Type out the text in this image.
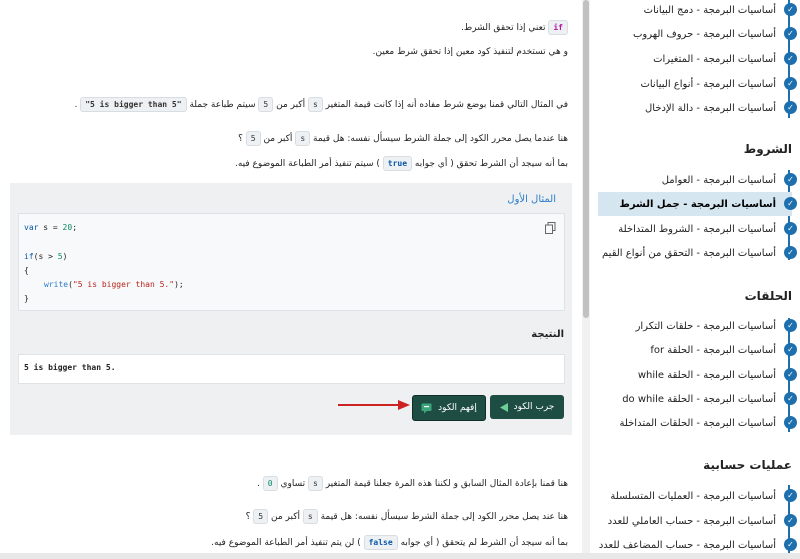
if تعني إذا تحقق الشرط.
و هي تستخدم لتنفيذ كود معين إذا تحقق شرط معين.
في المثال التالي قمنا بوضع شرط مفاده أنه إذا كانت قيمة المتغير s أكبر من 5 سيتم طباعة جملة "5 is bigger than 5" .
هنا عندما يصل محرر الكود إلى جملة الشرط سيسأل نفسه: هل قيمة s أكبر من 5 ؟
بما أنه سيجد أن الشرط تحقق ( أي جوابه true ) سيتم تنفيذ أمر الطباعة الموضوع فيه.
المثال الأول
var s = 20;
if(s > 5)
{
write("5 is bigger than 5.");
}
النتيجة
5 is bigger than 5.
جرب الكود
إفهم الكود
هنا قمنا بإعادة المثال السابق و لكننا هذه المرة جعلنا قيمة المتغير s تساوي 0 .
هنا عند يصل محرر الكود إلى جملة الشرط سيسأل نفسه: هل قيمة s أكبر من 5 ؟
بما أنه سيجد أن الشرط لم يتحقق ( أي جوابه false ) لن يتم تنفيذ أمر الطباعة الموضوع فيه.
✓
أساسيات البرمجة - دمج البيانات
✓
أساسيات البرمجة - حروف الهروب
✓
أساسيات البرمجة - المتغيرات
✓
أساسيات البرمجة - أنواع البيانات
✓
أساسيات البرمجة - دالة الإدخال
الشروط
✓
أساسيات البرمجة - العوامل
✓
أساسيات البرمجة - جمل الشرط
✓
أساسيات البرمجة - الشروط المتداخلة
✓
أساسيات البرمجة - التحقق من أنواع القيم
الحلقات
✓
أساسيات البرمجة - حلقات التكرار
✓
أساسيات البرمجة - الحلقة for
✓
أساسيات البرمجة - الحلقة while
✓
أساسيات البرمجة - الحلقة do while
✓
أساسيات البرمجة - الحلقات المتداخلة
عمليات حسابية
✓
أساسيات البرمجة - العمليات المتسلسلة
✓
أساسيات البرمجة - حساب العاملي للعدد
✓
أساسيات البرمجة - حساب المضاعف للعدد
